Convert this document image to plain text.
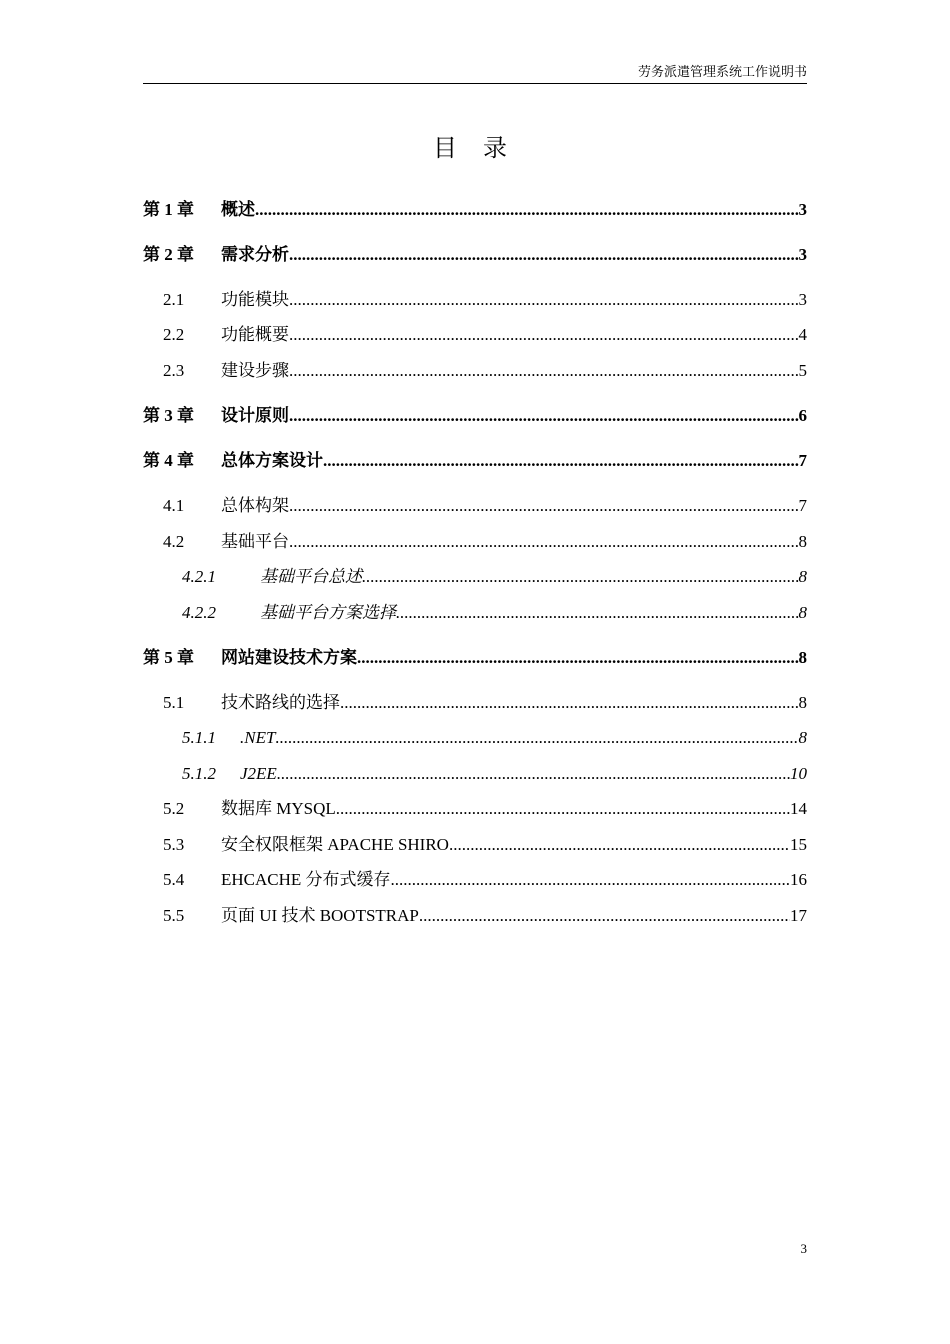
劳务派遣管理系统工作说明书
目 录
第 1 章	概述 .....	3
第 2 章	需求分析 .....	3
2.1	功能模块 .....	3
2.2	功能概要 .....	4
2.3	建设步骤 .....	5
第 3 章	设计原则 .....	6
第 4 章	总体方案设计 .....	7
4.1	总体构架 .....	7
4.2	基础平台 .....	8
4.2.1	基础平台总述 .....	8
4.2.2	基础平台方案选择 .....	8
第 5 章	网站建设技术方案 .....	8
5.1	技术路线的选择 .....	8
5.1.1	.NET .....	8
5.1.2	J2EE .....	10
5.2	数据库 MYSQL .....	14
5.3	安全权限框架 APACHE SHIRO .....	15
5.4	EHCACHE 分布式缓存 .....	16
5.5	页面 UI 技术 BOOTSTRAP .....	17
3
